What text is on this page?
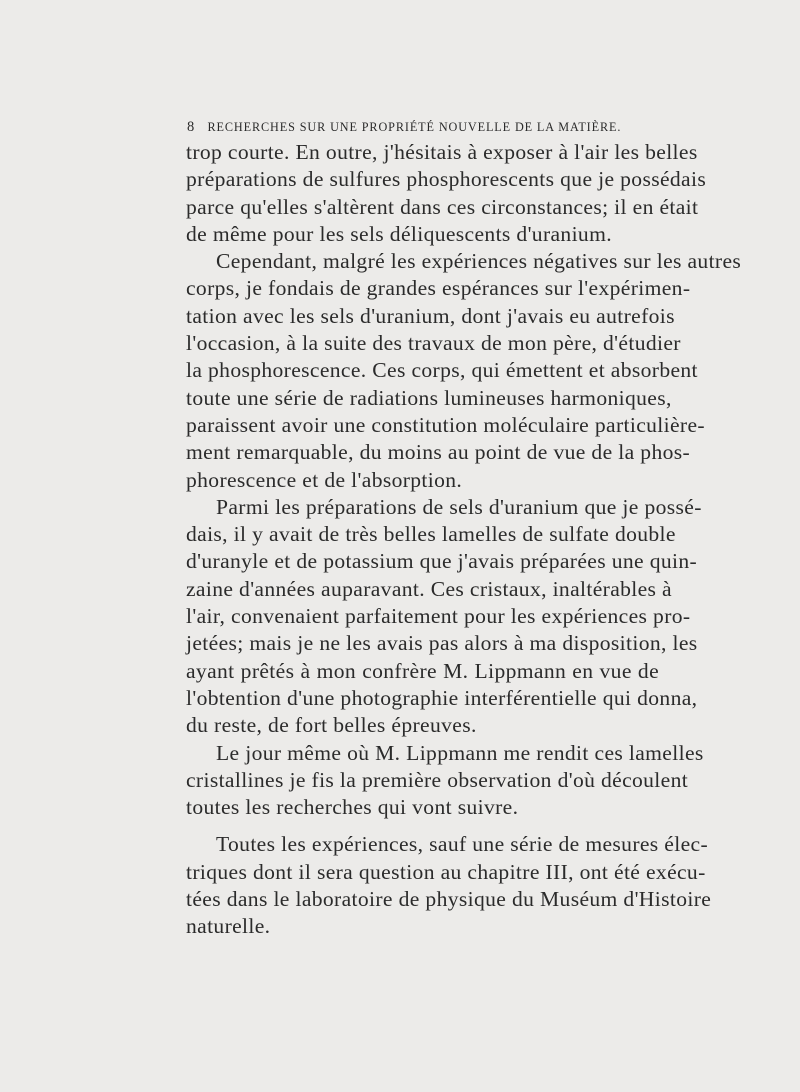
8 RECHERCHES SUR UNE PROPRIÉTÉ NOUVELLE DE LA MATIÈRE.
trop courte. En outre, j'hésitais à exposer à l'air les belles
préparations de sulfures phosphorescents que je possédais
parce qu'elles s'altèrent dans ces circonstances; il en était
de même pour les sels déliquescents d'uranium.
Cependant, malgré les expériences négatives sur les autres
corps, je fondais de grandes espérances sur l'expérimen-
tation avec les sels d'uranium, dont j'avais eu autrefois
l'occasion, à la suite des travaux de mon père, d'étudier
la phosphorescence. Ces corps, qui émettent et absorbent
toute une série de radiations lumineuses harmoniques,
paraissent avoir une constitution moléculaire particulière-
ment remarquable, du moins au point de vue de la phos-
phorescence et de l'absorption.
Parmi les préparations de sels d'uranium que je possé-
dais, il y avait de très belles lamelles de sulfate double
d'uranyle et de potassium que j'avais préparées une quin-
zaine d'années auparavant. Ces cristaux, inaltérables à
l'air, convenaient parfaitement pour les expériences pro-
jetées; mais je ne les avais pas alors à ma disposition, les
ayant prêtés à mon confrère M. Lippmann en vue de
l'obtention d'une photographie interférentielle qui donna,
du reste, de fort belles épreuves.
Le jour même où M. Lippmann me rendit ces lamelles
cristallines je fis la première observation d'où découlent
toutes les recherches qui vont suivre.
Toutes les expériences, sauf une série de mesures élec-
triques dont il sera question au chapitre III, ont été exécu-
tées dans le laboratoire de physique du Muséum d'Histoire
naturelle.
